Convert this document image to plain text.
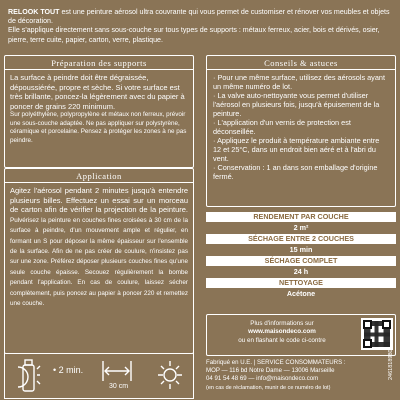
RELOOK TOUT est une peinture aérosol ultra couvrante qui vous permet de customiser et rénover vos meubles et objets de décoration.
Elle s'applique directement sans sous-couche sur tous types de supports : métaux ferreux, acier, bois et dérivés, osier, pierre, terre cuite, papier, carton, verre, plastique.
Préparation des supports
La surface à peindre doit être dégraissée, dépoussiérée, propre et sèche. Si votre surface est très brillante, poncez-la légèrement avec du papier à poncer de grains 220 minimum.
Sur polyéthylène, polypropylène et métaux non ferreux, prévoir une sous-couche adaptée. Ne pas appliquer sur polystyrène, céramique et porcelaine. Pensez à protéger les zones à ne pas peindre.
Application
Agitez l'aérosol pendant 2 minutes jusqu'à entendre plusieurs billes. Effectuez un essai sur un morceau de carton afin de vérifier la projection de la peinture. Pulvérisez la peinture en couches fines croisées à 30 cm de la surface à peindre, d'un mouvement ample et régulier, en formant un S pour déposer la même épaisseur sur l'ensemble de la surface. Afin de ne pas créer de coulure, n'insistez pas sur une zone. Préférez déposer plusieurs couches fines qu'une seule couche épaisse. Secouez régulièrement la bombe pendant l'application. En cas de coulure, laissez sécher complètement, puis poncez au papier à poncer 220 et remettez une couche.
• 2 min.
30 cm
Conseils & astuces
· Pour une même surface, utilisez des aérosols ayant un même numéro de lot.
· La valve auto-nettoyante vous permet d'utiliser l'aérosol en plusieurs fois, jusqu'à épuisement de la peinture.
· L'application d'un vernis de protection est déconseillée.
· Appliquez le produit à température ambiante entre 12 et 25°C, dans un endroit bien aéré et à l'abri du vent.
· Conservation : 1 an dans son emballage d'origine fermé.
RENDEMENT PAR COUCHE
2 m²
SÉCHAGE ENTRE 2 COUCHES
15 min
SÉCHAGE COMPLET
24 h
NETTOYAGE
Acétone
Plus d'informations sur
www.maisondeco.com
ou en flashant le code ci-contre
Fabriqué en U.E. | SERVICE CONSOMMATEURS :
MOP — 116 bd Notre Dame — 13006 Marseille
04 91 54 48 69 — info@maisondeco.com
(en cas de réclamation, munir de ce numéro de lot)
2461818980
